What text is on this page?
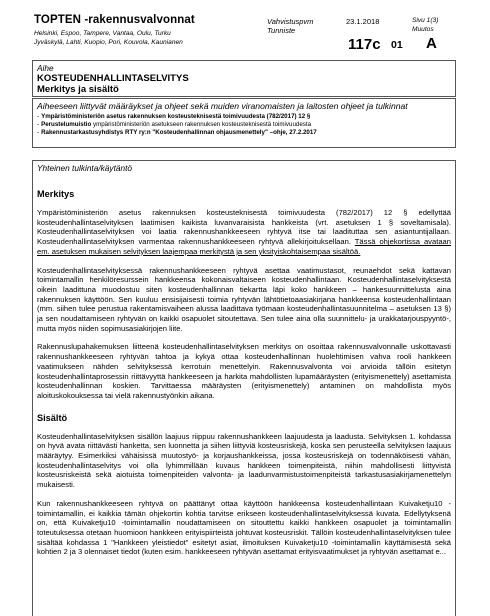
TOPTEN -rakennusvalvonnat
Helsinki, Espoo, Tampere, Vantaa, Oulu, Turku
Jyväskylä, Lahti, Kuopio, Pori, Kouvola, Kaunianen
Vahvistuspvm
Tunniste
23.1.2018	Sivu 1(3)
Muutos
117c 01 A
Aihe
KOSTEUDENHALLINTASELVITYS
Merkitys ja sisältö
Aiheeseen liittyvät määräykset ja ohjeet sekä muiden viranomaisten ja laitosten ohjeet ja tulkinnat
- Ympäristöministeriön asetus rakennuksen kosteusteknisestä toimivuudesta (782/2017) 12 §
- Perustelumuistio ympäristöministeriön asetukseen rakennuksen kosteusteknisestä toimivuudesta
- Rakennustarkastusyhdistys RTY ry:n "Kosteudenhallinnan ohjausmenettely" –ohje, 27.2.2017
Yhteinen tulkinta/käytäntö
Merkitys

Ympäristöministeriön asetus rakennuksen kosteusteknisestä toimivuudesta (782/2017) 12 § edellyttää kosteudenhallintaselvityksen laatimisen kaikista luvanvaraisista hankkeista (vrt. asetuksen 1 § soveltamisala). Kosteudenhallintaselvityksen voi laatia rakennushankkeeseen ryhtyvä itse tai laadituttaa sen asiantuntijallaan. Kosteudenhallintaselvityksen varmentaa rakennushankkeeseen ryhtyvä allekirjoituksellaan. Tässä ohjekortissa avataan em. asetuksen mukaisen selvityksen laajempaa merkitystä ja sen yksityiskohtaisempaa sisältöä.

Kosteudenhallintaselvityksessä rakennushankkeeseen ryhtyvä asettaa vaatimustasot, reunaehdot sekä kattavan toimintamallin henkilöresurssein hankkeensa kokonaisvaltaiseen kosteudenhallintaan. Kosteudenhallintaselvityksestä oikein laadittuna muodostuu siten kosteudenhallinnan tiekartta läpi koko hankkeen – hankesuunnittelusta aina rakennuksen käyttöön. Sen kuuluu ensisijaisesti toimia ryhtyvän lähtötietoaasiakirjana hankkeensa kosteudenhallintaan (mm. siihen tulee perustua rakentamisvaiheen alussa laadittava työmaan kosteudenhallintasuunnitelma – asetuksen 13 §) ja sen noudattamiseen ryhtyvän on kaikki osapuolet sitoutettava. Sen tulee aina olla suunnittelu- ja urakkatarjouspyyntö-, mutta myös niiden sopimusasiakirjojen liite.

Rakennuslupahakemuksen liitteenä kosteudenhallintaselvityksen merkitys on osoittaa rakennusvalvonnalle uskottavasti rakennushankkeeseen ryhtyvän tahtoa ja kykyä ottaa kosteudenhallinnan huolehtimisen vahva rooli hankkeen vaatimukseen nähden selvityksessä kerrotuin menettelyin. Rakennusvalvonta voi arvioida tällöin esitetyn kosteudenhallintaprosessin riittävyyttä hankkeeseen ja harkita mahdollisten lupamääräysten (erityismenettely) asettamista kosteudenhallinnan koskien. Tarvittaessa määräysten (erityismenettely) antaminen on mahdollista myös aloituskokouksessa tai vielä rakennustyönkin aikana.

Sisältö

Kosteudenhallintaselvityksen sisällön laajuus riippuu rakennushankkeen laajuudesta ja laadusta. Selvityksen 1. kohdassa on hyvä avata riittävästi hanketta, sen luonnetta ja siihen liittyviä kosteusriskejä, koska sen perusteella selvityksen laajuus määräytyy. Esimerkiksi vähäisissä muutostyö- ja korjaushankkeissa, jossa kosteusriskejä on todennäköisesti vähän, kosteudenhallintaselvitys voi olla lyhimmillään kuvaus hankkeen toimenpiteistä, niihin mahdollisesti liittyvistä kosteusriskeistä sekä aiotuista toimenpiteiden valvonta- ja laadunvarmistustoimenpiteistä tarkastusasiakirjamenettelyn mukaisesti.

Kun rakennushankkeeseen ryhtyvä on päättänyt ottaa käyttöön hankkeensa kosteudenhallintaan Kuivaketju10 -toimintamallin, ei kaikkia tämän ohjekortin kohtia tarvitse erikseen kosteudenhallintaselvityksessä kuvata. Edellytyksenä on, että Kuivaketju10 -toimintamallin noudattamiseen on sitouttettu kaikki hankkeen osapuolet ja toimintamallin toteutuksessa otetaan huomioon hankkeen erityispiirteistä johtuvat kosteusriskit. Tällöin kosteudenhallintaselvityksen tulee sisältää kohdassa 1 "Hankkeen yleistiedot" esitetyt asiat, ilmoituksen Kuivaketju10 -toimintamallin käyttämisestä sekä kohtien 2 ja 3 olennaiset tiedot (kuten esim. hankkeeseen ryhtyvän asettamat erityisvaatimukset ja ryhtyvän asettamat e...
